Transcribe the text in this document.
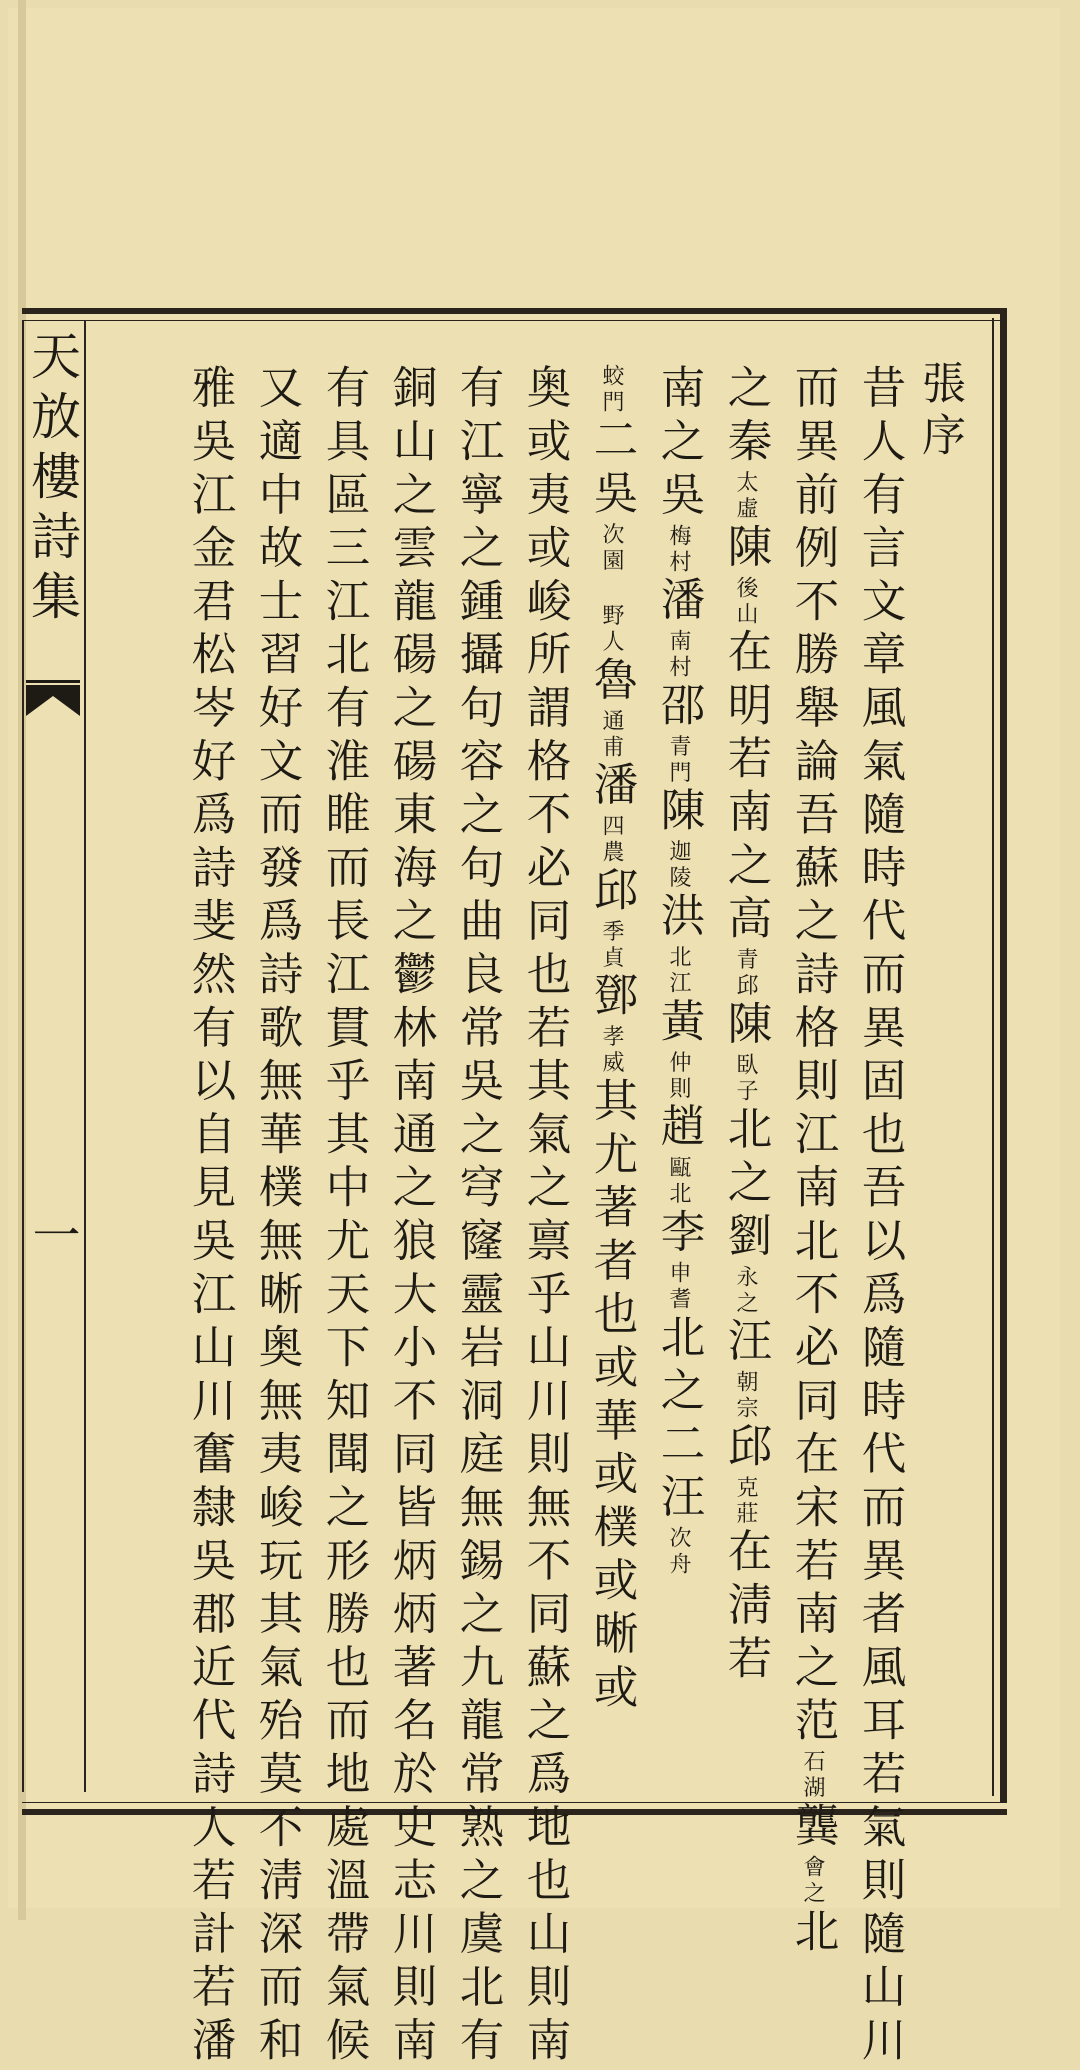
天放樓詩集
一
張序

昔人有言文章風氣隨時代而異固也吾以爲隨時代而異者風耳若氣則隨山川
而異前例不勝舉論吾蘇之詩格則江南北不必同在宋若南之范石湖龔會之北
之秦太虛陳後山在明若南之高青邱陳臥子北之劉永之汪朝宗邱克莊在淸若
南之吳梅村潘南村邵青門陳迦陵洪北江黃仲則趙甌北李申耆北之二汪次舟
蛟門二吳次園 野人魯通甫潘四農邱季貞鄧孝威其尤著者也或華或樸或晰或
奥或夷或峻所謂格不必同也若其氣之禀乎山川則無不同蘇之爲地也山則南
有江寧之鍾攝句容之句曲良常吳之穹窿靈岩洞庭無錫之九龍常熟之虞北有
銅山之雲龍碭之碭東海之鬱林南通之狼大小不同皆炳炳著名於史志川則南
有具區三江北有淮睢而長江貫乎其中尤天下知聞之形勝也而地處溫帶氣候
又適中故士習好文而發爲詩歌無華樸無晰奥無夷峻玩其氣殆莫不淸深而和
雅吳江金君松岑好爲詩斐然有以自見吳江山川奮隸吳郡近代詩人若計若潘
